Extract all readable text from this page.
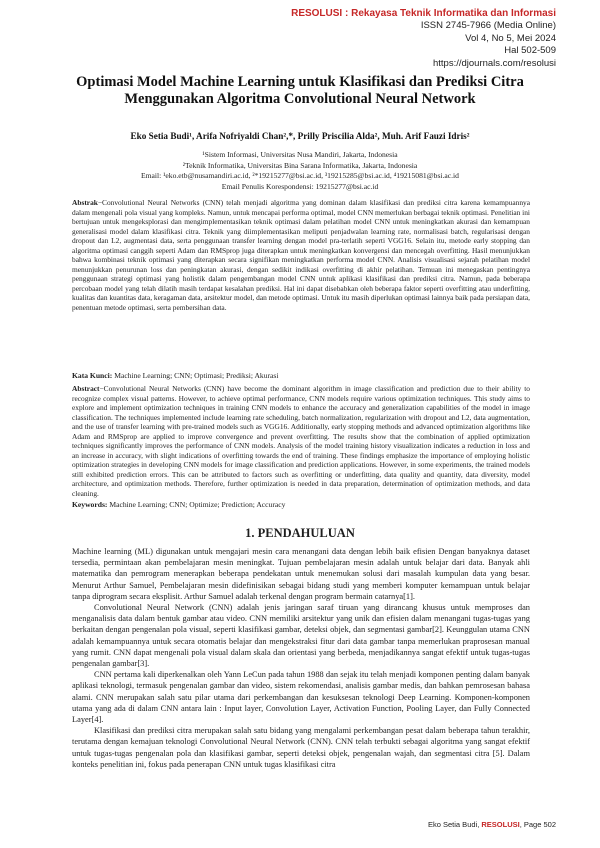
RESOLUSI : Rekayasa Teknik Informatika dan Informasi
ISSN 2745-7966 (Media Online)
Vol 4, No 5, Mei 2024
Hal 502-509
https://djournals.com/resolusi
Optimasi Model Machine Learning untuk Klasifikasi dan Prediksi Citra
Menggunakan Algoritma Convolutional Neural Network
Eko Setia Budi¹, Arifa Nofriyaldi Chan²,*, Prilly Priscilia Alda², Muh. Arif Fauzi Idris²
¹Sistem Informasi, Universitas Nusa Mandiri, Jakarta, Indonesia
²Teknik Informatika, Universitas Bina Sarana Informatika, Jakarta, Indonesia
Email: ¹eko.etb@nusamandiri.ac.id, ²*19215277@bsi.ac.id, ³19215285@bsi.ac.id, ⁴19215081@bsi.ac.id
Email Penulis Korespondensi: 19215277@bsi.ac.id
Abstrak−Convolutional Neural Networks (CNN) telah menjadi algoritma yang dominan dalam klasifikasi dan prediksi citra karena kemampuannya dalam mengenali pola visual yang kompleks. Namun, untuk mencapai performa optimal, model CNN memerlukan berbagai teknik optimasi. Penelitian ini bertujuan untuk mengeksplorasi dan mengimplementasikan teknik optimasi dalam pelatihan model CNN untuk meningkatkan akurasi dan kemampuan generalisasi model dalam klasifikasi citra. Teknik yang diimplementasikan meliputi penjadwalan learning rate, normalisasi batch, regularisasi dengan dropout dan L2, augmentasi data, serta penggunaan transfer learning dengan model pra-terlatih seperti VGG16. Selain itu, metode early stopping dan algoritma optimasi canggih seperti Adam dan RMSprop juga diterapkan untuk meningkatkan konvergensi dan mencegah overfitting. Hasil menunjukkan bahwa kombinasi teknik optimasi yang diterapkan secara signifikan meningkatkan performa model CNN. Analisis visualisasi sejarah pelatihan model menunjukkan penurunan loss dan peningkatan akurasi, dengan sedikit indikasi overfitting di akhir pelatihan. Temuan ini menegaskan pentingnya penggunaan strategi optimasi yang holistik dalam pengembangan model CNN untuk aplikasi klasifikasi dan prediksi citra. Namun, pada beberapa percobaan model yang telah dilatih masih terdapat kesalahan prediksi. Hal ini dapat disebabkan oleh beberapa faktor seperti overfitting atau underfitting, kualitas dan kuantitas data, keragaman data, arsitektur model, dan metode optimasi. Untuk itu masih diperlukan optimasi lainnya baik pada persiapan data, penentuan metode optimasi, serta pembersihan data.
Kata Kunci: Machine Learning; CNN; Optimasi; Prediksi; Akurasi
Abstract−Convolutional Neural Networks (CNN) have become the dominant algorithm in image classification and prediction due to their ability to recognize complex visual patterns. However, to achieve optimal performance, CNN models require various optimization techniques. This study aims to explore and implement optimization techniques in training CNN models to enhance the accuracy and generalization capabilities of the model in image classification. The techniques implemented include learning rate scheduling, batch normalization, regularization with dropout and L2, data augmentation, and the use of transfer learning with pre-trained models such as VGG16. Additionally, early stopping methods and advanced optimization algorithms like Adam and RMSprop are applied to improve convergence and prevent overfitting. The results show that the combination of applied optimization techniques significantly improves the performance of CNN models. Analysis of the model training history visualization indicates a reduction in loss and an increase in accuracy, with slight indications of overfitting towards the end of training. These findings emphasize the importance of employing holistic optimization strategies in developing CNN models for image classification and prediction applications. However, in some experiments, the trained models still exhibited prediction errors. This can be attributed to factors such as overfitting or underfitting, data quality and quantity, data diversity, model architecture, and optimization methods. Therefore, further optimization is needed in data preparation, determination of optimization methods, and data cleaning.
Keywords: Machine Learning; CNN; Optimize; Prediction; Accuracy
1. PENDAHULUAN

Machine learning (ML) digunakan untuk mengajari mesin cara menangani data dengan lebih baik efisien Dengan banyaknya dataset tersedia, permintaan akan pembelajaran mesin meningkat. Tujuan pembelajaran mesin adalah untuk belajar dari data. Banyak ahli matematika dan pemrogram menerapkan beberapa pendekatan untuk menemukan solusi dari masalah kumpulan data yang besar. Menurut Arthur Samuel, Pembelajaran mesin didefinisikan sebagai bidang studi yang memberi komputer kemampuan untuk belajar tanpa diprogram secara eksplisit. Arthur Samuel adalah terkenal dengan program bermain catarnya[1].

Convolutional Neural Network (CNN) adalah jenis jaringan saraf tiruan yang dirancang khusus untuk memproses dan menganalisis data dalam bentuk gambar atau video. CNN memiliki arsitektur yang unik dan efisien dalam menangani tugas-tugas yang berkaitan dengan pengenalan pola visual, seperti klasifikasi gambar, deteksi objek, dan segmentasi gambar[2]. Keunggulan utama CNN adalah kemampuannya untuk secara otomatis belajar dan mengekstraksi fitur dari data gambar tanpa memerlukan praprosesan manual yang rumit. CNN dapat mengenali pola visual dalam skala dan orientasi yang berbeda, menjadikannya sangat efektif untuk tugas-tugas pengenalan gambar[3].

CNN pertama kali diperkenalkan oleh Yann LeCun pada tahun 1988 dan sejak itu telah menjadi komponen penting dalam banyak aplikasi teknologi, termasuk pengenalan gambar dan video, sistem rekomendasi, analisis gambar medis, dan bahkan pemrosesan bahasa alami. CNN merupakan salah satu pilar utama dari perkembangan dan kesuksesan teknologi Deep Learning. Komponen-komponen utama yang ada di dalam CNN antara lain : Input layer, Convolution Layer, Activation Function, Pooling Layer, dan Fully Connected Layer[4].

Klasifikasi dan prediksi citra merupakan salah satu bidang yang mengalami perkembangan pesat dalam beberapa tahun terakhir, terutama dengan kemajuan teknologi Convolutional Neural Network (CNN). CNN telah terbukti sebagai algoritma yang sangat efektif untuk tugas-tugas pengenalan pola dan klasifikasi gambar, seperti deteksi objek, pengenalan wajah, dan segmentasi citra [5]. Dalam konteks penelitian ini, fokus pada penerapan CNN untuk tugas klasifikasi citra

Eko Setia Budi, RESOLUSI, Page 502
